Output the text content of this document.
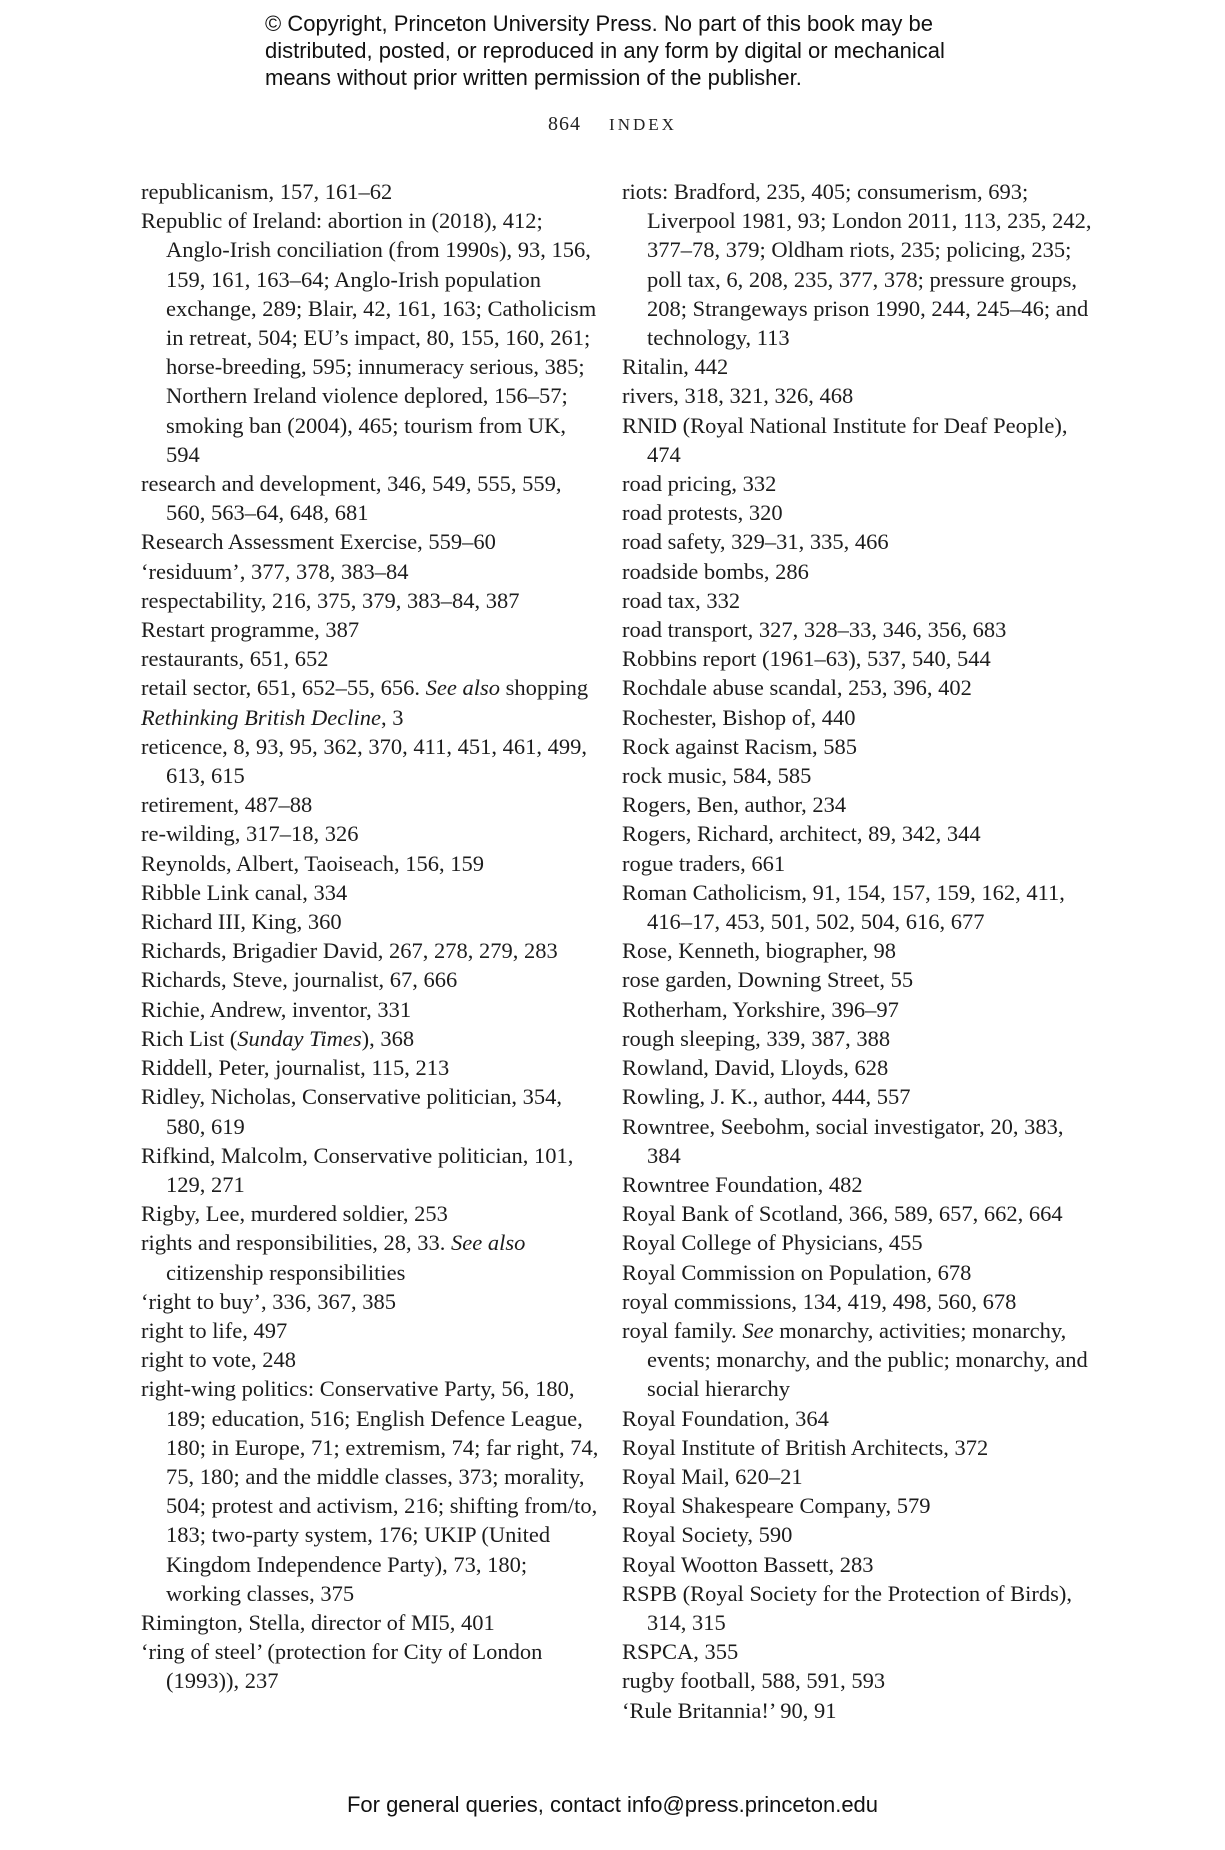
© Copyright, Princeton University Press. No part of this book may be
distributed, posted, or reproduced in any form by digital or mechanical
means without prior written permission of the publisher.
864 INDEX

republicanism, 157, 161–62

Republic of Ireland: abortion in (2018), 412; Anglo-Irish conciliation (from 1990s), 93, 156, 159, 161, 163–64; Anglo-Irish population exchange, 289; Blair, 42, 161, 163; Catholicism in retreat, 504; EU’s impact, 80, 155, 160, 261; horse-breeding, 595; innumeracy serious, 385; Northern Ireland violence deplored, 156–57; smoking ban (2004), 465; tourism from UK, 594

research and development, 346, 549, 555, 559, 560, 563–64, 648, 681

Research Assessment Exercise, 559–60

‘residuum’, 377, 378, 383–84

respectability, 216, 375, 379, 383–84, 387

Restart programme, 387

restaurants, 651, 652

retail sector, 651, 652–55, 656. See also shopping

Rethinking British Decline, 3

reticence, 8, 93, 95, 362, 370, 411, 451, 461, 499, 613, 615

retirement, 487–88

re-wilding, 317–18, 326

Reynolds, Albert, Taoiseach, 156, 159

Ribble Link canal, 334

Richard III, King, 360

Richards, Brigadier David, 267, 278, 279, 283

Richards, Steve, journalist, 67, 666

Richie, Andrew, inventor, 331

Rich List (Sunday Times), 368

Riddell, Peter, journalist, 115, 213

Ridley, Nicholas, Conservative politician, 354, 580, 619

Rifkind, Malcolm, Conservative politician, 101, 129, 271

Rigby, Lee, murdered soldier, 253

rights and responsibilities, 28, 33. See also citizenship responsibilities

‘right to buy’, 336, 367, 385

right to life, 497

right to vote, 248

right-wing politics: Conservative Party, 56, 180, 189; education, 516; English Defence League, 180; in Europe, 71; extremism, 74; far right, 74, 75, 180; and the middle classes, 373; morality, 504; protest and activism, 216; shifting from/to, 183; two-party system, 176; UKIP (United Kingdom Independence Party), 73, 180; working classes, 375

Rimington, Stella, director of MI5, 401

‘ring of steel’ (protection for City of London (1993)), 237

riots: Bradford, 235, 405; consumerism, 693; Liverpool 1981, 93; London 2011, 113, 235, 242, 377–78, 379; Oldham riots, 235; policing, 235; poll tax, 6, 208, 235, 377, 378; pressure groups, 208; Strangeways prison 1990, 244, 245–46; and technology, 113

Ritalin, 442

rivers, 318, 321, 326, 468

RNID (Royal National Institute for Deaf People), 474

road pricing, 332

road protests, 320

road safety, 329–31, 335, 466

roadside bombs, 286

road tax, 332

road transport, 327, 328–33, 346, 356, 683

Robbins report (1961–63), 537, 540, 544

Rochdale abuse scandal, 253, 396, 402

Rochester, Bishop of, 440

Rock against Racism, 585

rock music, 584, 585

Rogers, Ben, author, 234

Rogers, Richard, architect, 89, 342, 344

rogue traders, 661

Roman Catholicism, 91, 154, 157, 159, 162, 411, 416–17, 453, 501, 502, 504, 616, 677

Rose, Kenneth, biographer, 98

rose garden, Downing Street, 55

Rotherham, Yorkshire, 396–97

rough sleeping, 339, 387, 388

Rowland, David, Lloyds, 628

Rowling, J. K., author, 444, 557

Rowntree, Seebohm, social investigator, 20, 383, 384

Rowntree Foundation, 482

Royal Bank of Scotland, 366, 589, 657, 662, 664

Royal College of Physicians, 455

Royal Commission on Population, 678

royal commissions, 134, 419, 498, 560, 678

royal family. See monarchy, activities; monarchy, events; monarchy, and the public; monarchy, and social hierarchy

Royal Foundation, 364

Royal Institute of British Architects, 372

Royal Mail, 620–21

Royal Shakespeare Company, 579

Royal Society, 590

Royal Wootton Bassett, 283

RSPB (Royal Society for the Protection of Birds), 314, 315

RSPCA, 355

rugby football, 588, 591, 593

‘Rule Britannia!’ 90, 91

For general queries, contact info@press.princeton.edu
